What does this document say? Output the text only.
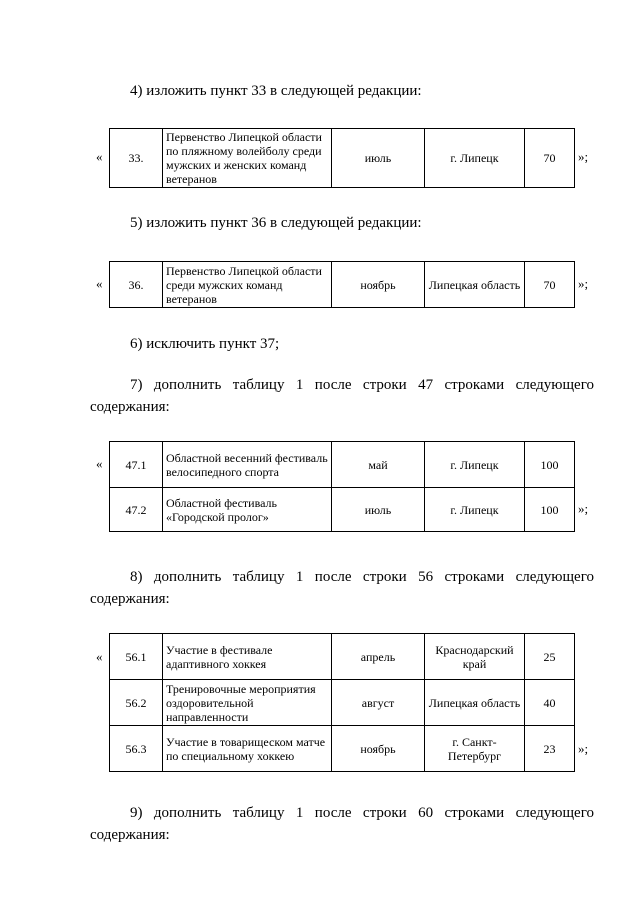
4) изложить пункт 33 в следующей редакции:
« 33.	Первенство Липецкой области по пляжному волейболу среди мужских и женских команд ветеранов	июль	г. Липецк	70 »;
5) изложить пункт 36 в следующей редакции:
« 36.	Первенство Липецкой области среди мужских команд ветеранов	ноябрь	Липецкая область	70 »;
6) исключить пункт 37;
7) дополнить таблицу 1 после строки 47 строками следующего содержания:
« 47.1	Областной весенний фестиваль велосипедного спорта	май	г. Липецк	100
47.2	Областной фестиваль «Городской пролог»	июль	г. Липецк	100 »;
8) дополнить таблицу 1 после строки 56 строками следующего содержания:
« 56.1	Участие в фестивале адаптивного хоккея	апрель	Краснодарский край	25
56.2	Тренировочные мероприятия оздоровительной направленности	август	Липецкая область	40
56.3	Участие в товарищеском матче по специальному хоккею	ноябрь	г. Санкт-Петербург	23 »;
9) дополнить таблицу 1 после строки 60 строками следующего содержания:
